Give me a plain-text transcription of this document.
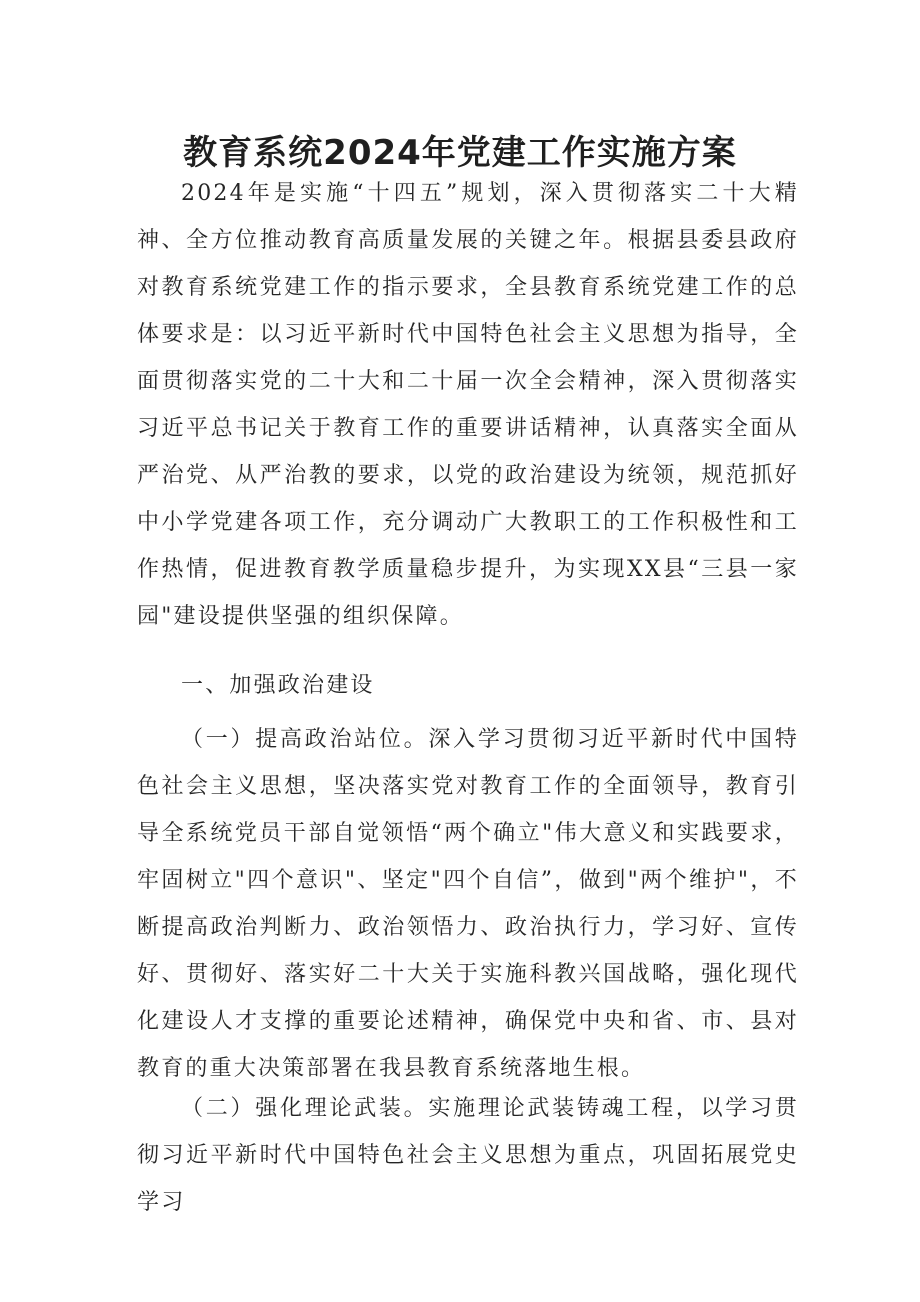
教育系统2024年党建工作实施方案

2024年是实施“十四五”规划，深入贯彻落实二十大精神、全方位推动教育高质量发展的关键之年。根据县委县政府对教育系统党建工作的指示要求，全县教育系统党建工作的总体要求是：以习近平新时代中国特色社会主义思想为指导，全面贯彻落实党的二十大和二十届一次全会精神，深入贯彻落实习近平总书记关于教育工作的重要讲话精神，认真落实全面从严治党、从严治教的要求，以党的政治建设为统领，规范抓好中小学党建各项工作，充分调动广大教职工的工作积极性和工作热情，促进教育教学质量稳步提升，为实现XX县“三县一家园"建设提供坚强的组织保障。

一、加强政治建设

（一）提高政治站位。深入学习贯彻习近平新时代中国特色社会主义思想，坚决落实党对教育工作的全面领导，教育引导全系统党员干部自觉领悟“两个确立"伟大意义和实践要求，牢固树立"四个意识"、坚定"四个自信”，做到"两个维护"，不断提高政治判断力、政治领悟力、政治执行力，学习好、宣传好、贯彻好、落实好二十大关于实施科教兴国战略，强化现代化建设人才支撑的重要论述精神，确保党中央和省、市、县对教育的重大决策部署在我县教育系统落地生根。

（二）强化理论武装。实施理论武装铸魂工程，以学习贯彻习近平新时代中国特色社会主义思想为重点，巩固拓展党史学习
